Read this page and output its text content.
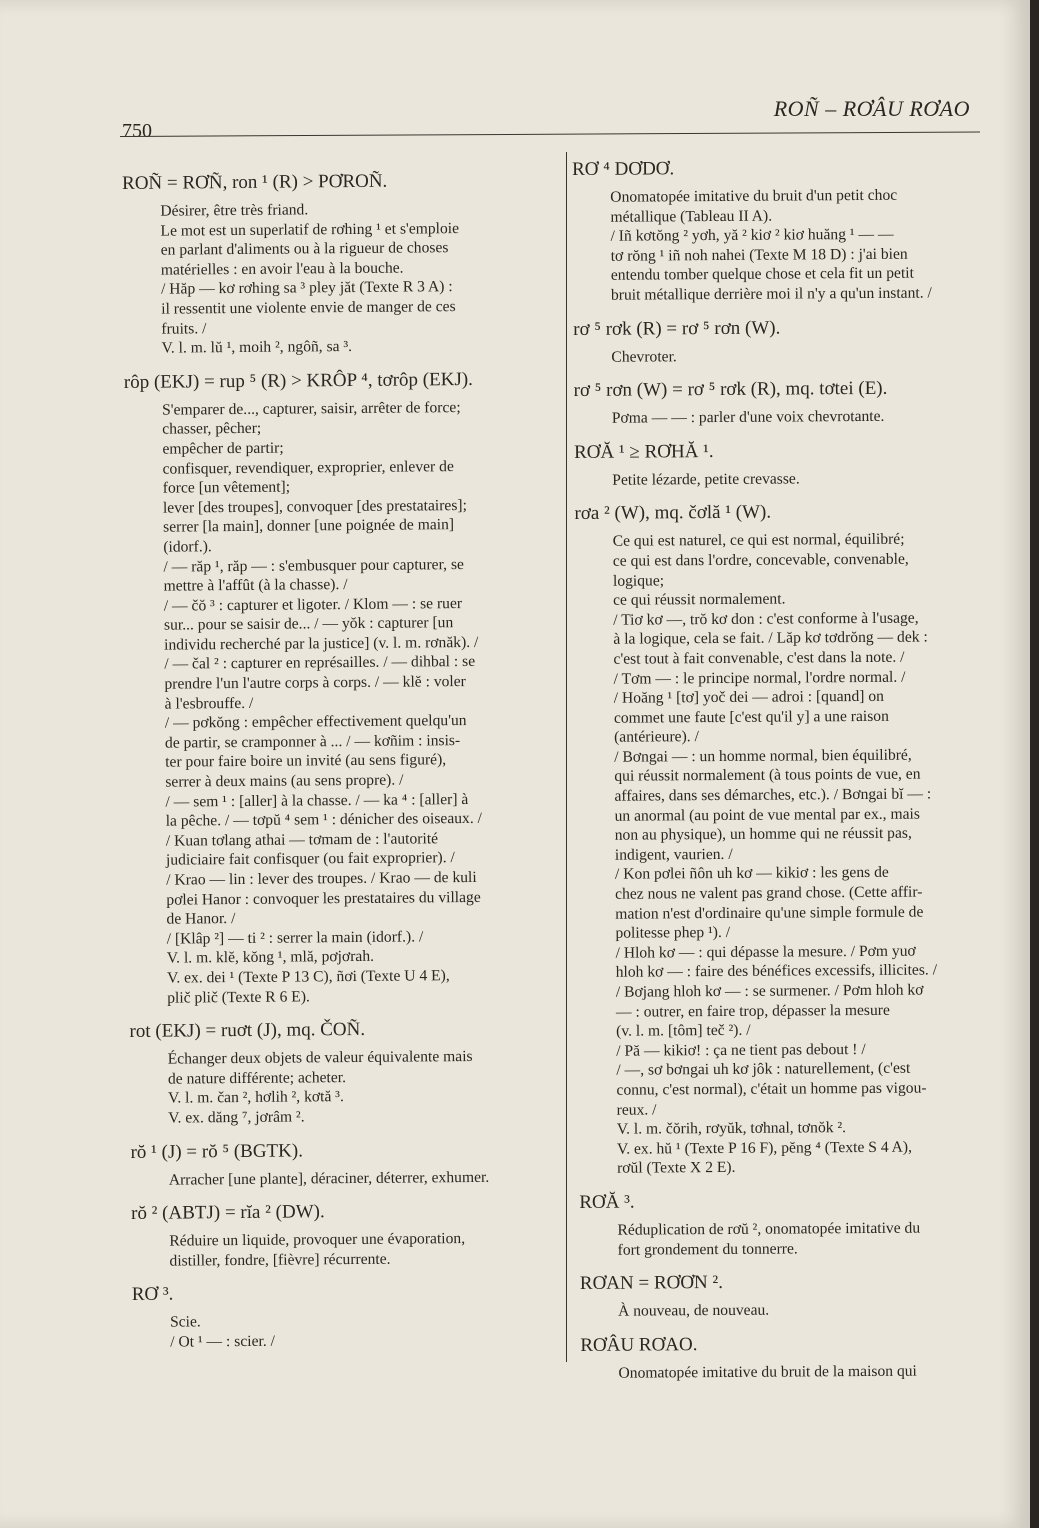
ROÑ – RƠÂU RƠAO
750
ROÑ = RƠÑ, ron ¹ (R) > PƠROÑ.
Désirer, être très friand.
Le mot est un superlatif de rơhing ¹ et s'emploie
en parlant d'aliments ou à la rigueur de choses
matérielles : en avoir l'eau à la bouche.
/ Hăp — kơ rơhing sa ³ pley jăt (Texte R 3 A) :
il ressentit une violente envie de manger de ces
fruits. /
V. l. m. lŭ ¹, moih ², ngôñ, sa ³.
rôp (EKJ) = rup ⁵ (R) > KRÔP ⁴, tơrôp (EKJ).
S'emparer de..., capturer, saisir, arrêter de force;
chasser, pêcher;
empêcher de partir;
confisquer, revendiquer, exproprier, enlever de
force [un vêtement];
lever [des troupes], convoquer [des prestataires];
serrer [la main], donner [une poignée de main]
(idorf.).
/ — răp ¹, răp — : s'embusquer pour capturer, se
mettre à l'affût (à la chasse). /
/ — čŏ ³ : capturer et ligoter. / Klom — : se ruer
sur... pour se saisir de... / — yŏk : capturer [un
individu recherché par la justice] (v. l. m. rơnăk). /
/ — čal ² : capturer en représailles. / — dihbal : se
prendre l'un l'autre corps à corps. / — klĕ : voler
à l'esbrouffe. /
/ — pơkŏng : empêcher effectivement quelqu'un
de partir, se cramponner à ... / — kơñim : insis-
ter pour faire boire un invité (au sens figuré),
serrer à deux mains (au sens propre). /
/ — sem ¹ : [aller] à la chasse. / — ka ⁴ : [aller] à
la pêche. / — tơpŭ ⁴ sem ¹ : dénicher des oiseaux. /
/ Kuan tơlang athai — tơmam de : l'autorité
judiciaire fait confisquer (ou fait exproprier). /
/ Krao — lin : lever des troupes. / Krao — de kuli
pơlei Hanor : convoquer les prestataires du village
de Hanor. /
/ [Klâp ²] — ti ² : serrer la main (idorf.). /
V. l. m. klĕ, kŏng ¹, mlă, pơjơrah.
V. ex. dei ¹ (Texte P 13 C), ñơi (Texte U 4 E),
plič plič (Texte R 6 E).
rot (EKJ) = ruơt (J), mq. ČOÑ.
Échanger deux objets de valeur équivalente mais
de nature différente; acheter.
V. l. m. čan ², hơlih ², kơtă ³.
V. ex. dăng ⁷, jơrâm ².
rŏ ¹ (J) = rŏ ⁵ (BGTK).
Arracher [une plante], déraciner, déterrer, exhumer.
rŏ ² (ABTJ) = rĭa ² (DW).
Réduire un liquide, provoquer une évaporation,
distiller, fondre, [fièvre] récurrente.
RƠ ³.
Scie.
/ Ot ¹ — : scier. /
RƠ ⁴ DƠDƠ.
Onomatopée imitative du bruit d'un petit choc
métallique (Tableau II A).
/ Iñ kơtŏng ² yơh, yă ² kiơ ² kiơ huăng ¹ — —
tơ rŏng ¹ iñ noh nahei (Texte M 18 D) : j'ai bien
entendu tomber quelque chose et cela fit un petit
bruit métallique derrière moi il n'y a qu'un instant. /
rơ ⁵ rơk (R) = rơ ⁵ rơn (W).
Chevroter.
rơ ⁵ rơn (W) = rơ ⁵ rơk (R), mq. tơtei (E).
Pơma — — : parler d'une voix chevrotante.
RƠĂ ¹ ≥ RƠHĂ ¹.
Petite lézarde, petite crevasse.
rơa ² (W), mq. čơlă ¹ (W).
Ce qui est naturel, ce qui est normal, équilibré;
ce qui est dans l'ordre, concevable, convenable,
logique;
ce qui réussit normalement.
/ Tiơ kơ —, trŏ kơ don : c'est conforme à l'usage,
à la logique, cela se fait. / Lăp kơ tơdrŏng — dek :
c'est tout à fait convenable, c'est dans la note. /
/ Tơm — : le principe normal, l'ordre normal. /
/ Hoăng ¹ [tơ] yoč dei — adroi : [quand] on
commet une faute [c'est qu'il y] a une raison
(antérieure). /
/ Bơngai — : un homme normal, bien équilibré,
qui réussit normalement (à tous points de vue, en
affaires, dans ses démarches, etc.). / Bơngai bĭ — :
un anormal (au point de vue mental par ex., mais
non au physique), un homme qui ne réussit pas,
indigent, vaurien. /
/ Kon pơlei ñôn uh kơ — kikiơ : les gens de
chez nous ne valent pas grand chose. (Cette affir-
mation n'est d'ordinaire qu'une simple formule de
politesse phep ¹). /
/ Hloh kơ — : qui dépasse la mesure. / Pơm yuơ
hloh kơ — : faire des bénéfices excessifs, illicites. /
/ Bơjang hloh kơ — : se surmener. / Pơm hloh kơ
— : outrer, en faire trop, dépasser la mesure
(v. l. m. [tôm] teč ²). /
/ Pă — kikiơ! : ça ne tient pas debout ! /
/ —, sơ bơngai uh kơ jôk : naturellement, (c'est
connu, c'est normal), c'était un homme pas vigou-
reux. /
V. l. m. čŏrih, rơyŭk, tơhnal, tơnŏk ².
V. ex. hŭ ¹ (Texte P 16 F), pĕng ⁴ (Texte S 4 A),
rơŭl (Texte X 2 E).
RƠĂ ³.
Réduplication de rơŭ ², onomatopée imitative du
fort grondement du tonnerre.
RƠAN = RƠƠN ².
À nouveau, de nouveau.
RƠÂU RƠAO.
Onomatopée imitative du bruit de la maison qui
